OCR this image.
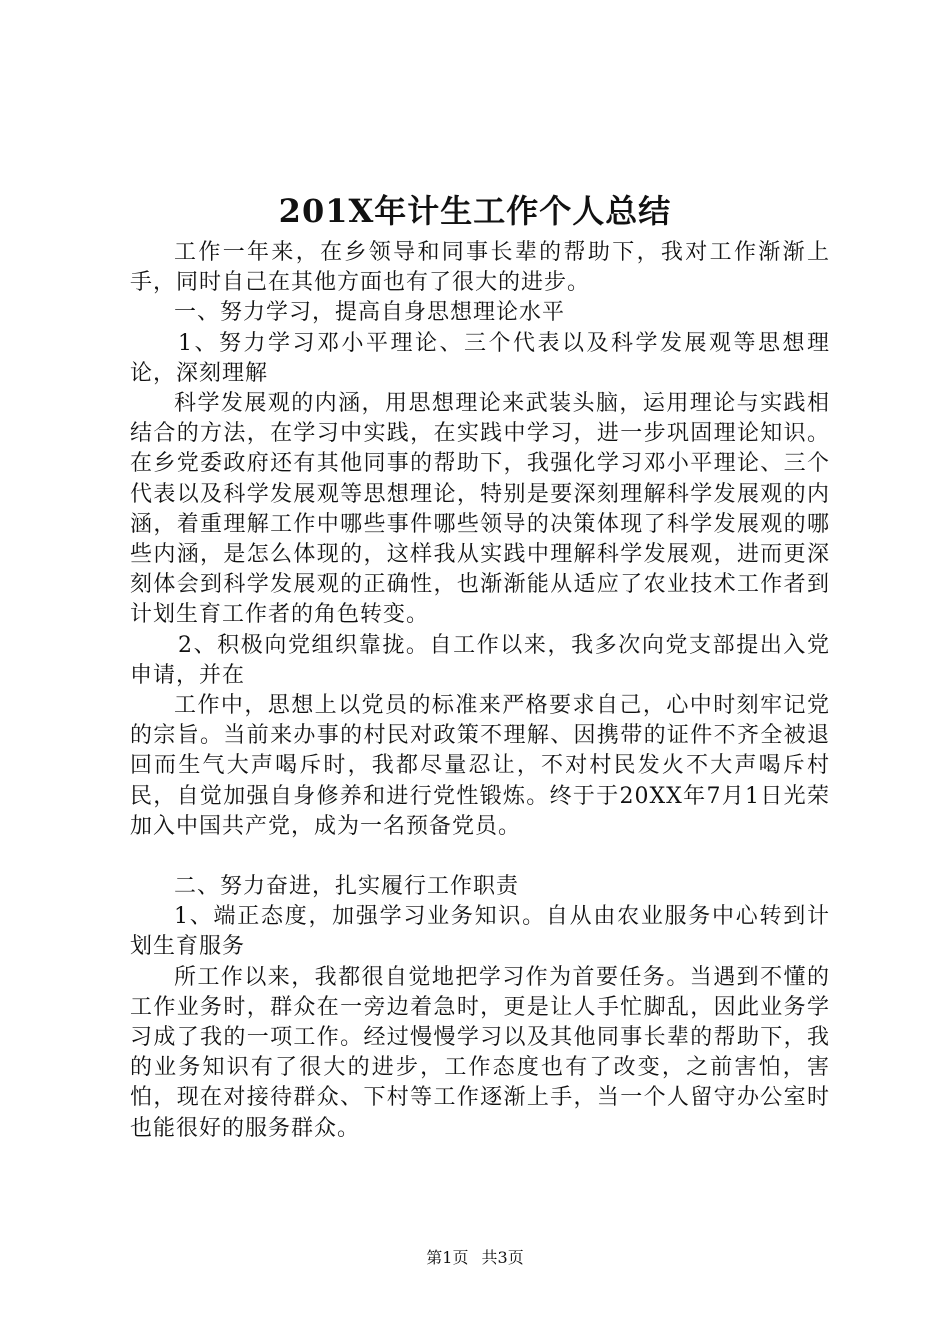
201X年计生工作个人总结

工作一年来，在乡领导和同事长辈的帮助下，我对工作渐渐上手，同时自己在其他方面也有了很大的进步。

一、努力学习，提高自身思想理论水平

1、努力学习邓小平理论、三个代表以及科学发展观等思想理论，深刻理解

科学发展观的内涵，用思想理论来武装头脑，运用理论与实践相结合的方法，在学习中实践，在实践中学习，进一步巩固理论知识。在乡党委政府还有其他同事的帮助下，我强化学习邓小平理论、三个代表以及科学发展观等思想理论，特别是要深刻理解科学发展观的内涵，着重理解工作中哪些事件哪些领导的决策体现了科学发展观的哪些内涵，是怎么体现的，这样我从实践中理解科学发展观，进而更深刻体会到科学发展观的正确性，也渐渐能从适应了农业技术工作者到计划生育工作者的角色转变。

2、积极向党组织靠拢。自工作以来，我多次向党支部提出入党申请，并在

工作中，思想上以党员的标准来严格要求自己，心中时刻牢记党的宗旨。当前来办事的村民对政策不理解、因携带的证件不齐全被退回而生气大声喝斥时，我都尽量忍让，不对村民发火不大声喝斥村民，自觉加强自身修养和进行党性锻炼。终于于20XX年7月1日光荣加入中国共产党，成为一名预备党员。

二、努力奋进，扎实履行工作职责

1、端正态度，加强学习业务知识。自从由农业服务中心转到计划生育服务

所工作以来，我都很自觉地把学习作为首要任务。当遇到不懂的工作业务时，群众在一旁边着急时，更是让人手忙脚乱，因此业务学习成了我的一项工作。经过慢慢学习以及其他同事长辈的帮助下，我的业务知识有了很大的进步，工作态度也有了改变，之前害怕，害怕，现在对接待群众、下村等工作逐渐上手，当一个人留守办公室时也能很好的服务群众。

第1页 共3页
